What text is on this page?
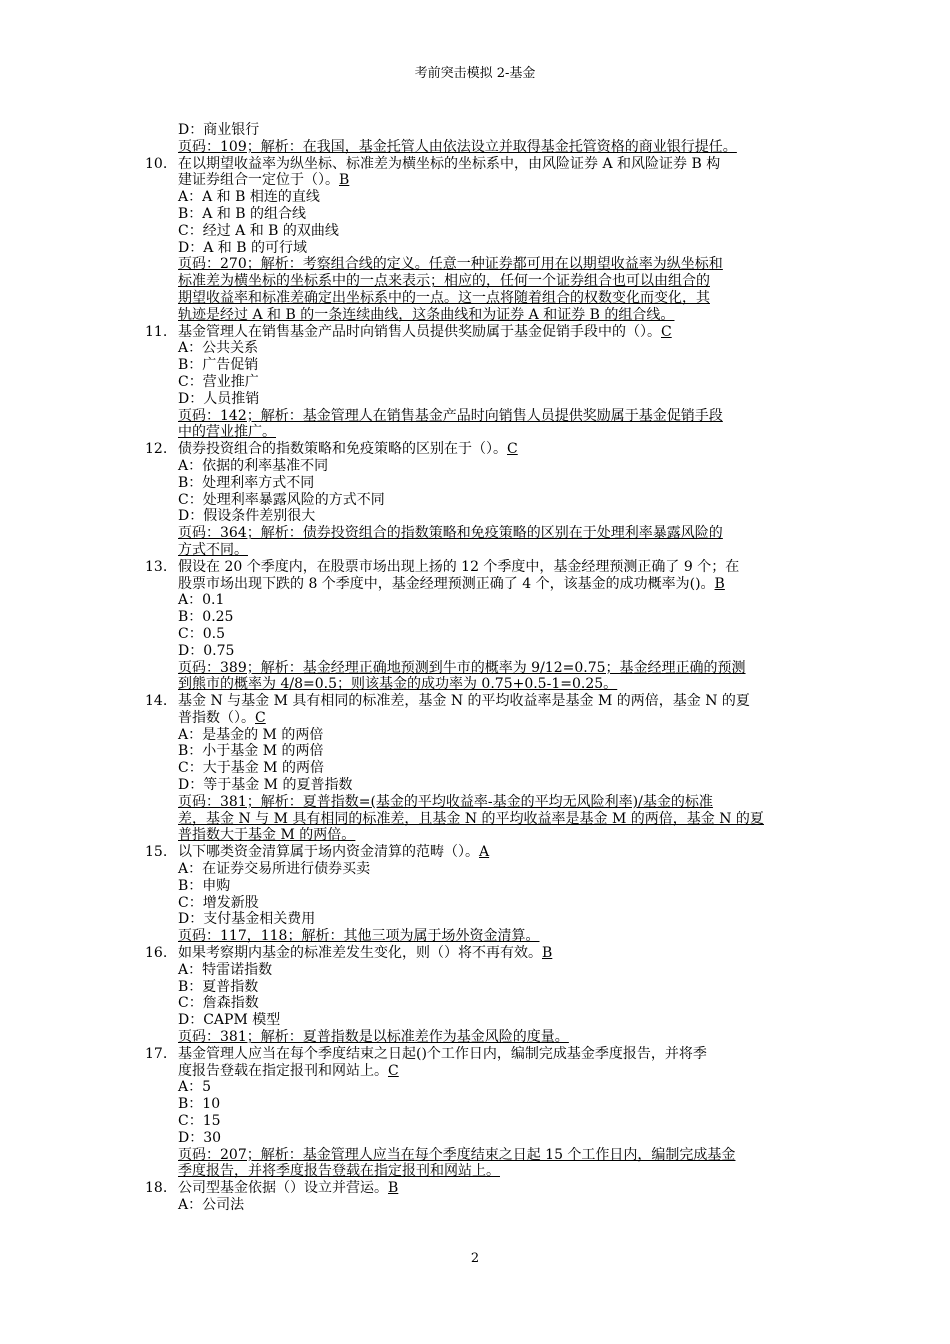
考前突击模拟 2-基金
D：商业银行
页码：109；解析：在我国，基金托管人由依法设立并取得基金托管资格的商业银行提任。
10. 在以期望收益率为纵坐标、标准差为横坐标的坐标系中，由风险证券 A 和风险证券 B 构
建证券组合一定位于（）。B
A：A 和 B 相连的直线
B：A 和 B 的组合线
C：经过 A 和 B 的双曲线
D：A 和 B 的可行域
页码：270；解析：考察组合线的定义。任意一种证券都可用在以期望收益率为纵坐标和
标准差为横坐标的坐标系中的一点来表示；相应的，任何一个证券组合也可以由组合的
期望收益率和标准差确定出坐标系中的一点。这一点将随着组合的权数变化而变化，其
轨迹是经过 A 和 B 的一条连续曲线，这条曲线和为证券 A 和证券 B 的组合线。
11. 基金管理人在销售基金产品时向销售人员提供奖励属于基金促销手段中的（）。C
A：公共关系
B：广告促销
C：营业推广
D：人员推销
页码：142；解析：基金管理人在销售基金产品时向销售人员提供奖励属于基金促销手段
中的营业推广。
12. 债券投资组合的指数策略和免疫策略的区别在于（）。C
A：依据的利率基准不同
B：处理利率方式不同
C：处理利率暴露风险的方式不同
D：假设条件差别很大
页码：364；解析：债券投资组合的指数策略和免疫策略的区别在于处理利率暴露风险的
方式不同。
13. 假设在 20 个季度内，在股票市场出现上扬的 12 个季度中，基金经理预测正确了 9 个；在
股票市场出现下跌的 8 个季度中，基金经理预测正确了 4 个，该基金的成功概率为()。B
A：0.1
B：0.25
C：0.5
D：0.75
页码：389；解析：基金经理正确地预测到牛市的概率为 9/12=0.75；基金经理正确的预测
到熊市的概率为 4/8=0.5；则该基金的成功率为 0.75+0.5-1=0.25。
14. 基金 N 与基金 M 具有相同的标准差，基金 N 的平均收益率是基金 M 的两倍，基金 N 的夏
普指数（）。C
A：是基金的 M 的两倍
B：小于基金 M 的两倍
C：大于基金 M 的两倍
D：等于基金 M 的夏普指数
页码：381；解析：夏普指数=(基金的平均收益率-基金的平均无风险利率)/基金的标准
差，基金 N 与 M 具有相同的标准差，且基金 N 的平均收益率是基金 M 的两倍，基金 N 的夏
普指数大于基金 M 的两倍。
15. 以下哪类资金清算属于场内资金清算的范畴（）。A
A：在证券交易所进行债券买卖
B：申购
C：增发新股
D：支付基金相关费用
页码：117，118；解析：其他三项为属于场外资金清算。
16. 如果考察期内基金的标准差发生变化，则（）将不再有效。B
A：特雷诺指数
B：夏普指数
C：詹森指数
D：CAPM 模型
页码：381；解析：夏普指数是以标准差作为基金风险的度量。
17. 基金管理人应当在每个季度结束之日起()个工作日内，编制完成基金季度报告，并将季
度报告登载在指定报刊和网站上。C
A：5
B：10
C：15
D：30
页码：207；解析：基金管理人应当在每个季度结束之日起 15 个工作日内，编制完成基金
季度报告，并将季度报告登载在指定报刊和网站上。
18. 公司型基金依据（）设立并营运。B
A：公司法
2
